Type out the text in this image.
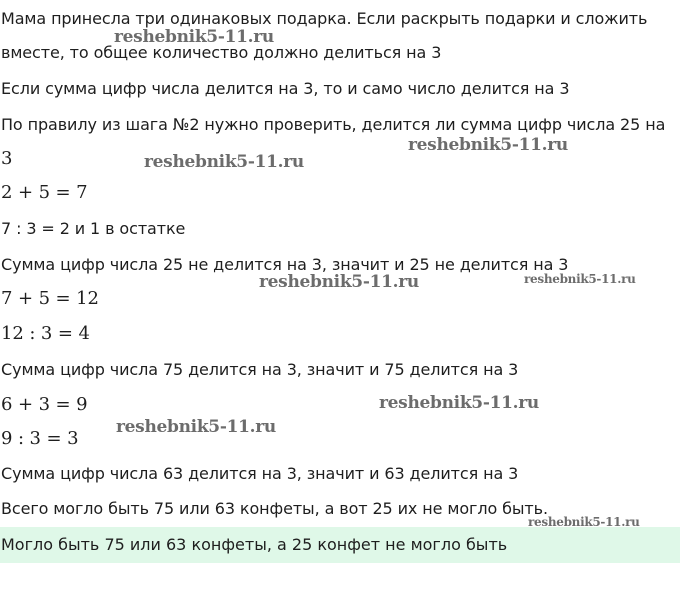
Мама принесла три одинаковых подарка. Если раскрыть подарки и сложить
вместе, то общее количество должно делиться на 3
Если сумма цифр числа делится на 3, то и само число делится на 3
По правилу из шага №2 нужно проверить, делится ли сумма цифр числа 25 на
3
2 + 5 = 7
7 : 3 = 2 и 1 в остатке
Сумма цифр числа 25 не делится на 3, значит и 25 не делится на 3
7 + 5 = 12
12 : 3 = 4
Сумма цифр числа 75 делится на 3, значит и 75 делится на 3
6 + 3 = 9
9 : 3 = 3
Сумма цифр числа 63 делится на 3, значит и 63 делится на 3
Всего могло быть 75 или 63 конфеты, а вот 25 их не могло быть.
Могло быть 75 или 63 конфеты, а 25 конфет не могло быть
reshebnik5-11.ru
reshebnik5-11.ru
reshebnik5-11.ru
reshebnik5-11.ru	reshebnik5-11.ru
reshebnik5-11.ru
reshebnik5-11.ru
reshebnik5-11.ru
